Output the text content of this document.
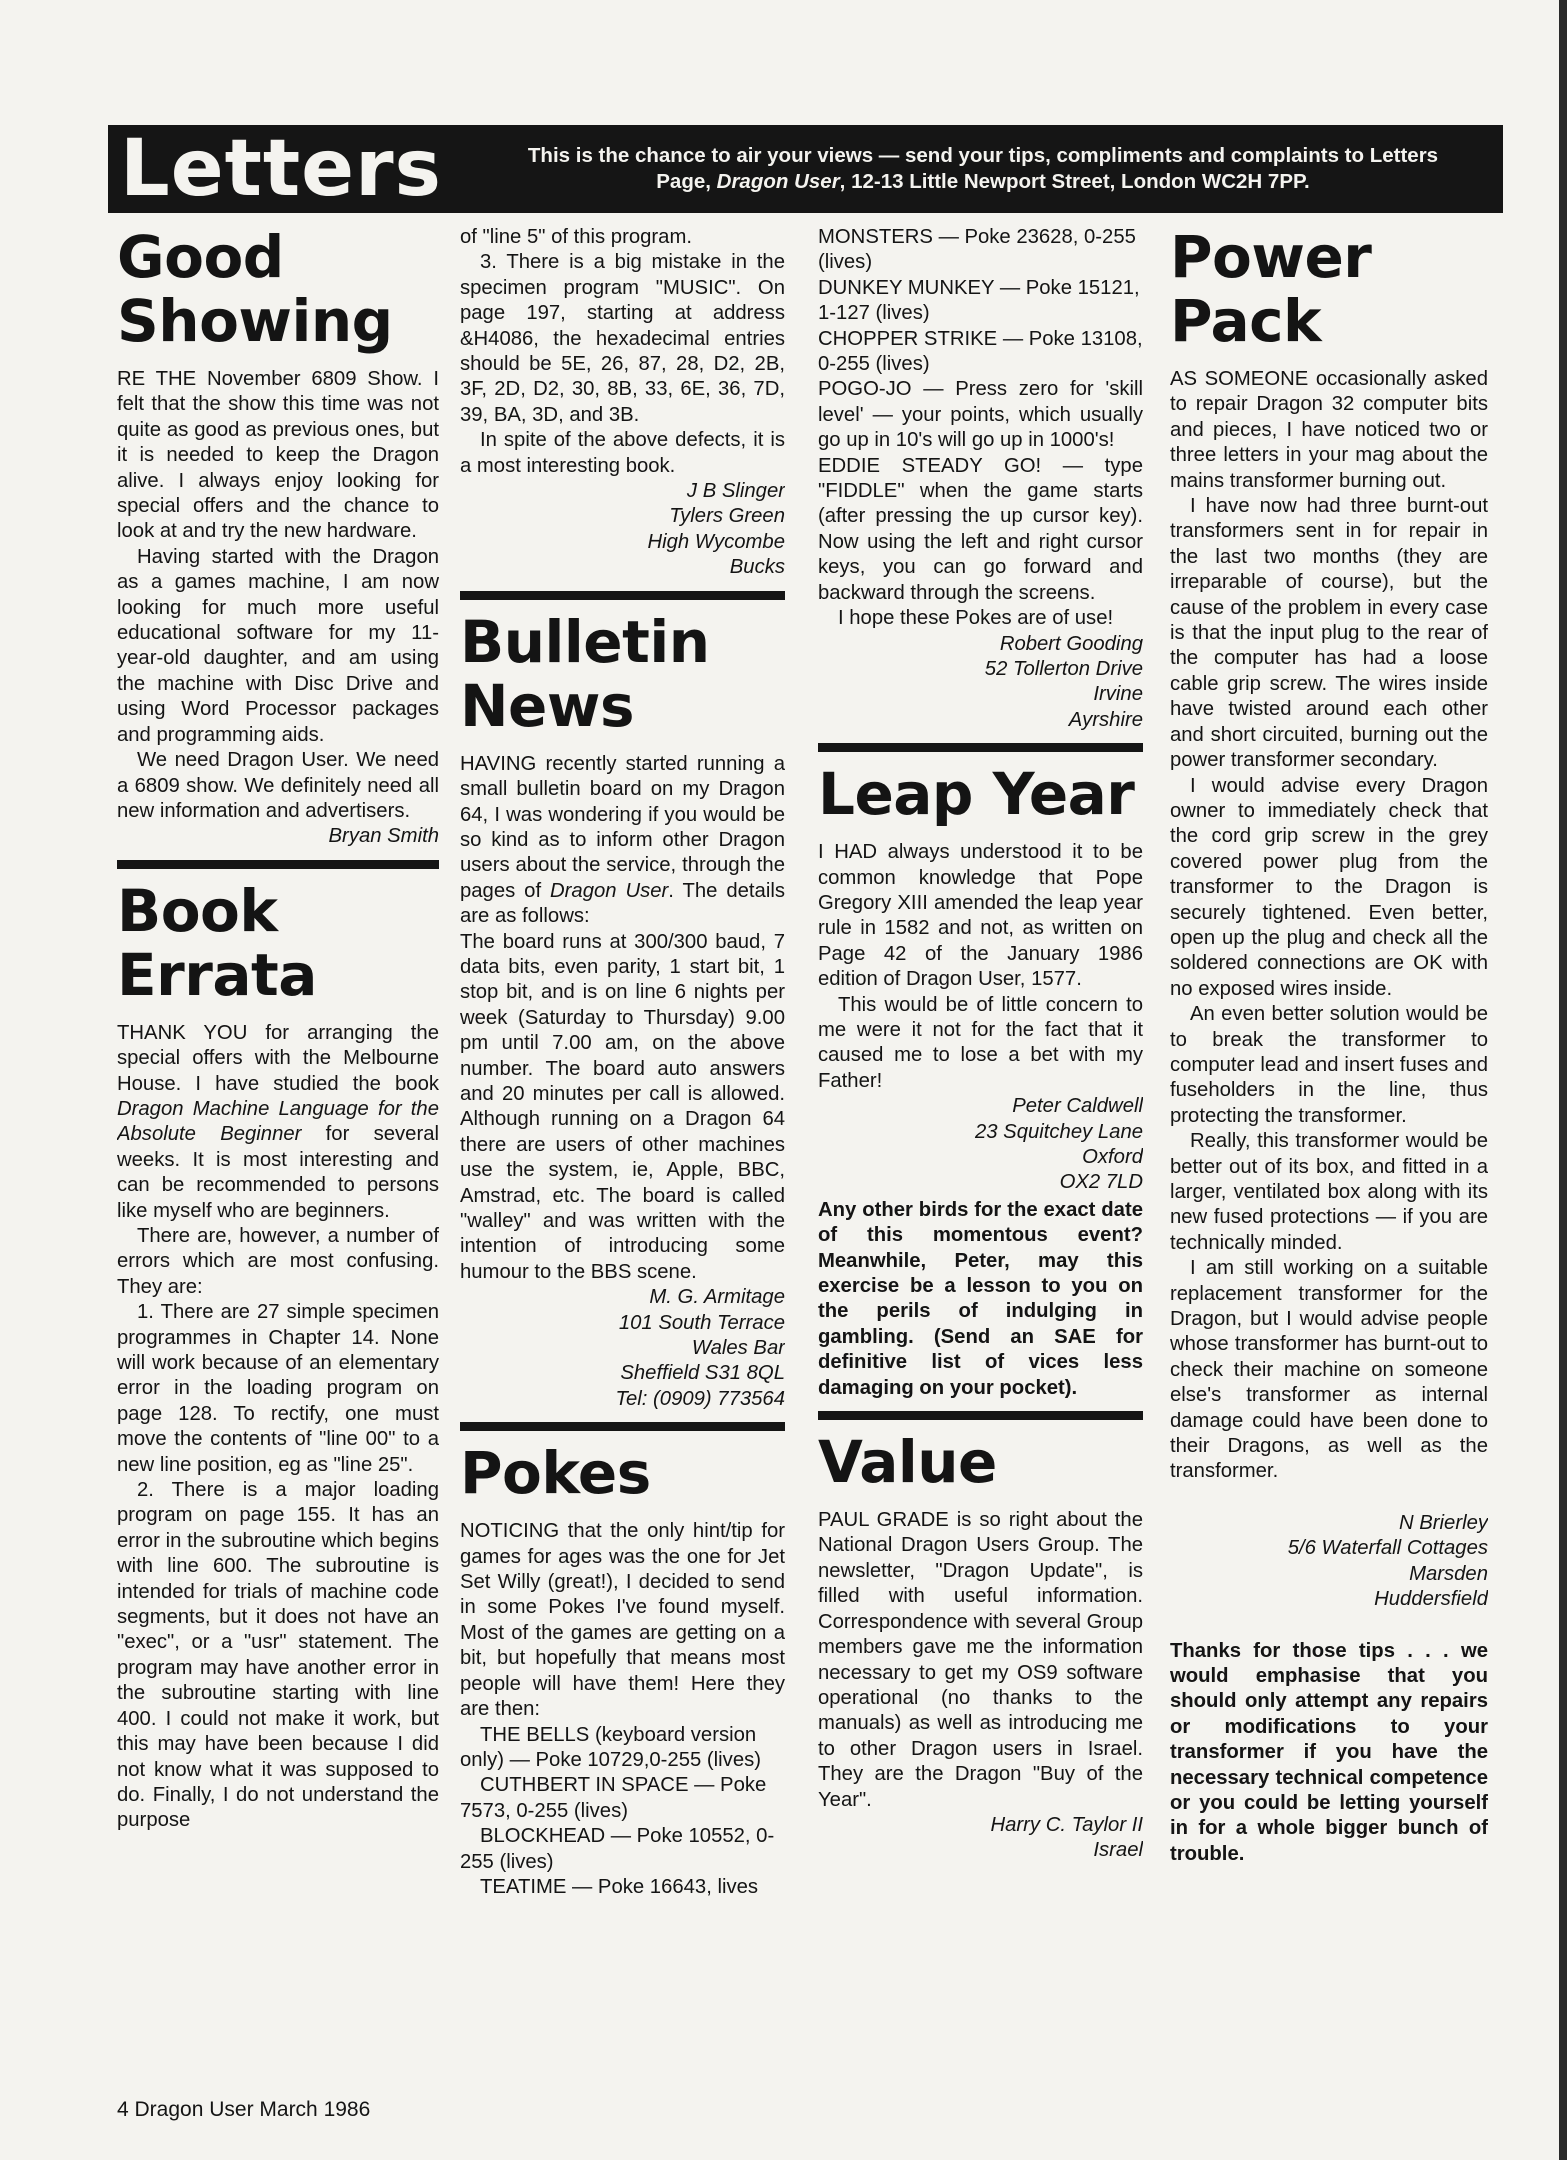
Letters	This is the chance to air your views — send your tips, compliments and complaints to Letters
Page, Dragon User, 12-13 Little Newport Street, London WC2H 7PP.
Good
Showing

RE THE November 6809 Show. I felt that the show this time was not quite as good as previous ones, but it is needed to keep the Dragon alive. I always enjoy looking for special offers and the chance to look at and try the new hardware.

Having started with the Dragon as a games machine, I am now looking for much more useful educational software for my 11-year-old daughter, and am using the machine with Disc Drive and using Word Processor packages and programming aids.

We need Dragon User. We need a 6809 show. We definitely need all new information and advertisers.

Bryan Smith
Book
Errata

THANK YOU for arranging the special offers with the Melbourne House. I have studied the book Dragon Machine Language for the Absolute Beginner for several weeks. It is most interesting and can be recommended to persons like myself who are beginners.

There are, however, a number of errors which are most confusing. They are:

1. There are 27 simple specimen programmes in Chapter 14. None will work because of an elementary error in the loading program on page 128. To rectify, one must move the contents of "line 00" to a new line position, eg as "line 25".

2. There is a major loading program on page 155. It has an error in the subroutine which begins with line 600. The subroutine is intended for trials of machine code segments, but it does not have an "exec", or a "usr" statement. The program may have another error in the subroutine starting with line 400. I could not make it work, but this may have been because I did not know what it was supposed to do. Finally, I do not understand the purpose

of "line 5" of this program.

3. There is a big mistake in the specimen program "MUSIC". On page 197, starting at address &H4086, the hexadecimal entries should be 5E, 26, 87, 28, D2, 2B, 3F, 2D, D2, 30, 8B, 33, 6E, 36, 7D, 39, BA, 3D, and 3B.

In spite of the above defects, it is a most interesting book.

J B Slinger
Tylers Green
High Wycombe
Bucks
Bulletin
News

HAVING recently started running a small bulletin board on my Dragon 64, I was wondering if you would be so kind as to inform other Dragon users about the service, through the pages of Dragon User. The details are as follows:

The board runs at 300/300 baud, 7 data bits, even parity, 1 start bit, 1 stop bit, and is on line 6 nights per week (Saturday to Thursday) 9.00 pm until 7.00 am, on the above number. The board auto answers and 20 minutes per call is allowed. Although running on a Dragon 64 there are users of other machines use the system, ie, Apple, BBC, Amstrad, etc. The board is called "walley" and was written with the intention of introducing some humour to the BBS scene.

M. G. Armitage
101 South Terrace
Wales Bar
Sheffield S31 8QL
Tel: (0909) 773564
Pokes

NOTICING that the only hint/tip for games for ages was the one for Jet Set Willy (great!), I decided to send in some Pokes I've found myself. Most of the games are getting on a bit, but hopefully that means most people will have them! Here they are then:

THE BELLS (keyboard version only) — Poke 10729,0-255 (lives)

CUTHBERT IN SPACE — Poke 7573, 0-255 (lives)

BLOCKHEAD — Poke 10552, 0-255 (lives)

TEATIME — Poke 16643, lives

MONSTERS — Poke 23628, 0-255 (lives)

DUNKEY MUNKEY — Poke 15121, 1-127 (lives)

CHOPPER STRIKE — Poke 13108, 0-255 (lives)

POGO-JO — Press zero for 'skill level' — your points, which usually go up in 10's will go up in 1000's!

EDDIE STEADY GO! — type "FIDDLE" when the game starts (after pressing the up cursor key). Now using the left and right cursor keys, you can go forward and backward through the screens.

I hope these Pokes are of use!

Robert Gooding
52 Tollerton Drive
Irvine
Ayrshire
Leap Year

I HAD always understood it to be common knowledge that Pope Gregory XIII amended the leap year rule in 1582 and not, as written on Page 42 of the January 1986 edition of Dragon User, 1577.

This would be of little concern to me were it not for the fact that it caused me to lose a bet with my Father!

Peter Caldwell
23 Squitchey Lane
Oxford
OX2 7LD

Any other birds for the exact date of this momentous event? Meanwhile, Peter, may this exercise be a lesson to you on the perils of indulging in gambling. (Send an SAE for definitive list of vices less damaging on your pocket).

Value

PAUL GRADE is so right about the National Dragon Users Group. The newsletter, "Dragon Update", is filled with useful information. Correspondence with several Group members gave me the information necessary to get my OS9 software operational (no thanks to the manuals) as well as introducing me to other Dragon users in Israel. They are the Dragon "Buy of the Year".

Harry C. Taylor II
Israel
Power
Pack

AS SOMEONE occasionally asked to repair Dragon 32 computer bits and pieces, I have noticed two or three letters in your mag about the mains transformer burning out.

I have now had three burnt-out transformers sent in for repair in the last two months (they are irreparable of course), but the cause of the problem in every case is that the input plug to the rear of the computer has had a loose cable grip screw. The wires inside have twisted around each other and short circuited, burning out the power transformer secondary.

I would advise every Dragon owner to immediately check that the cord grip screw in the grey covered power plug from the transformer to the Dragon is securely tightened. Even better, open up the plug and check all the soldered connections are OK with no exposed wires inside.

An even better solution would be to break the transformer to computer lead and insert fuses and fuseholders in the line, thus protecting the transformer.

Really, this transformer would be better out of its box, and fitted in a larger, ventilated box along with its new fused protections — if you are technically minded.

I am still working on a suitable replacement transformer for the Dragon, but I would advise people whose transformer has burnt-out to check their machine on someone else's transformer as internal damage could have been done to their Dragons, as well as the transformer.

N Brierley
5/6 Waterfall Cottages
Marsden
Huddersfield

Thanks for those tips . . . we would emphasise that you should only attempt any repairs or modifications to your transformer if you have the necessary technical competence or you could be letting yourself in for a whole bigger bunch of trouble.

4 Dragon User March 1986
